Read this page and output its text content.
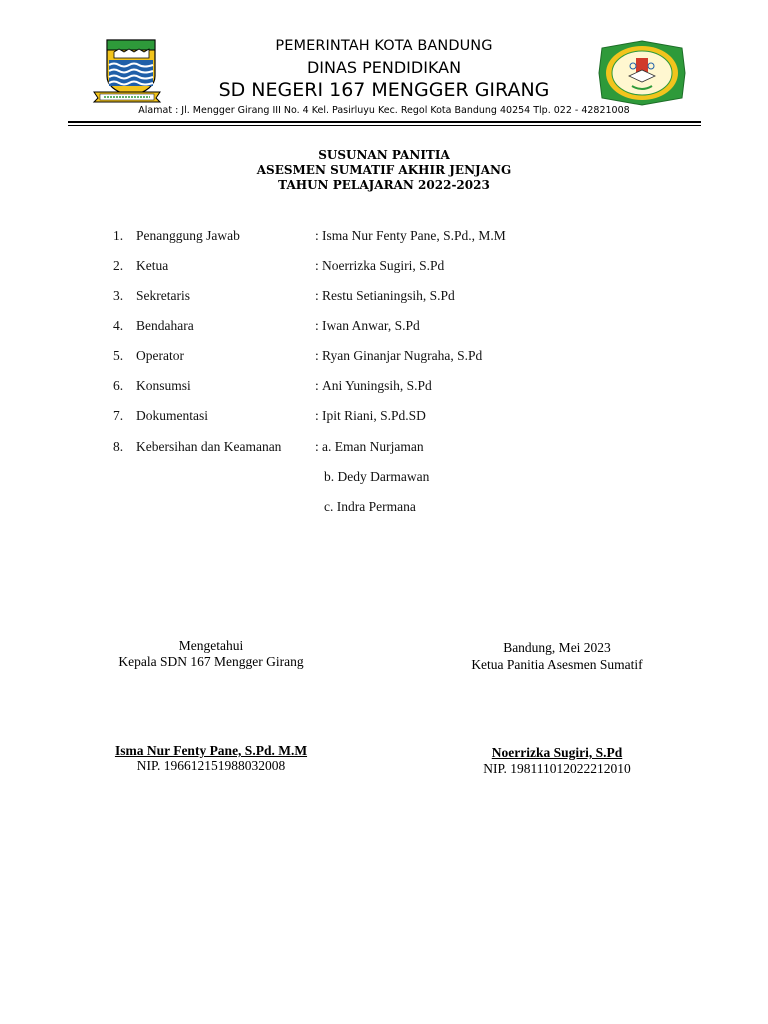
PEMERINTAH KOTA BANDUNG
DINAS PENDIDIKAN
SD NEGERI 167 MENGGER GIRANG
Alamat : Jl. Mengger Girang III No. 4 Kel. Pasirluyu Kec. Regol Kota Bandung 40254 Tlp. 022 - 42821008
SUSUNAN PANITIA
ASESMEN SUMATIF AKHIR JENJANG
TAHUN PELAJARAN 2022-2023
1. Penanggung Jawab	: Isma Nur Fenty Pane, S.Pd., M.M
2. Ketua	: Noerrizka Sugiri, S.Pd
3. Sekretaris	: Restu Setianingsih, S.Pd
4. Bendahara	: Iwan Anwar, S.Pd
5. Operator	: Ryan Ginanjar Nugraha, S.Pd
6. Konsumsi	: Ani Yuningsih, S.Pd
7. Dokumentasi	: Ipit Riani, S.Pd.SD
8. Kebersihan dan Keamanan : a. Eman Nurjaman
b. Dedy Darmawan
c. Indra Permana
Mengetahui
Kepala SDN 167 Mengger Girang
Isma Nur Fenty Pane, S.Pd. M.M
NIP. 196612151988032008
Bandung, Mei 2023
Ketua Panitia Asesmen Sumatif
Noerrizka Sugiri, S.Pd
NIP. 198111012022212010
